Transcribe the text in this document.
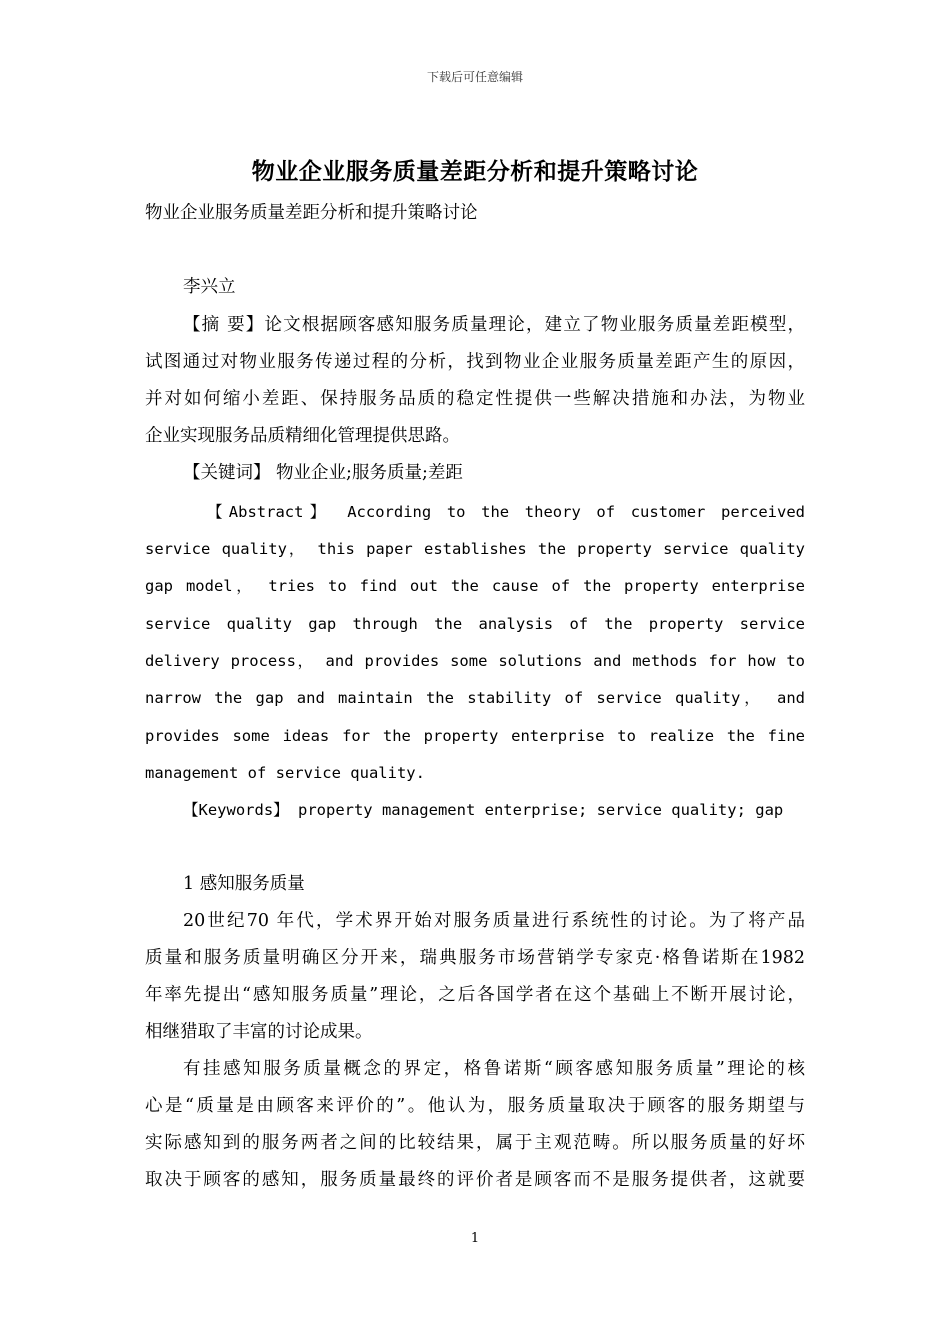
下载后可任意编辑
物业企业服务质量差距分析和提升策略讨论
物业企业服务质量差距分析和提升策略讨论
李兴立
【摘 要】论文根据顾客感知服务质量理论，建立了物业服务质量差距模型，
试图通过对物业服务传递过程的分析，找到物业企业服务质量差距产生的原因，
并对如何缩小差距、保持服务品质的稳定性提供一些解决措施和办法，为物业
企业实现服务品质精细化管理提供思路。
【关键词】 物业企业;服务质量;差距
【Abstract】 According to the theory of customer perceived
service quality， this paper establishes the property service quality
gap model， tries to find out the cause of the property enterprise
service quality gap through the analysis of the property service
delivery process， and provides some solutions and methods for how to
narrow the gap and maintain the stability of service quality， and
provides some ideas for the property enterprise to realize the fine
management of service quality.
【Keywords】 property management enterprise; service quality; gap
1 感知服务质量
20世纪70 年代，学术界开始对服务质量进行系统性的讨论。为了将产品
质量和服务质量明确区分开来，瑞典服务市场营销学专家克·格鲁诺斯在1982
年率先提出“感知服务质量”理论，之后各国学者在这个基础上不断开展讨论，
相继猎取了丰富的讨论成果。
有挂感知服务质量概念的界定，格鲁诺斯“顾客感知服务质量”理论的核
心是“质量是由顾客来评价的”。他认为，服务质量取决于顾客的服务期望与
实际感知到的服务两者之间的比较结果，属于主观范畴。所以服务质量的好坏
取决于顾客的感知，服务质量最终的评价者是顾客而不是服务提供者，这就要
1
